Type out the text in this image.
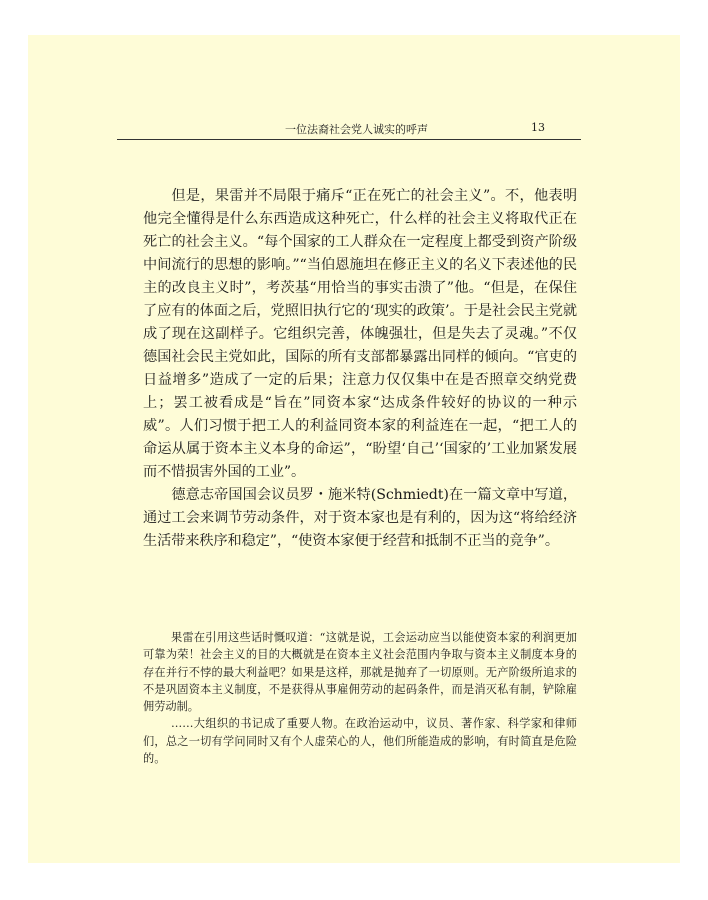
一位法裔社会党人诚实的呼声	13

但是，果雷并不局限于痛斥“正在死亡的社会主义”。不，他表明他完全懂得是什么东西造成这种死亡，什么样的社会主义将取代正在死亡的社会主义。“每个国家的工人群众在一定程度上都受到资产阶级中间流行的思想的影响。”“当伯恩施坦在修正主义的名义下表述他的民主的改良主义时”，考茨基“用恰当的事实击溃了”他。“但是，在保住了应有的体面之后，党照旧执行它的‘现实的政策’。于是社会民主党就成了现在这副样子。它组织完善，体魄强壮，但是失去了灵魂。”不仅德国社会民主党如此，国际的所有支部都暴露出同样的倾向。“官吏的日益增多”造成了一定的后果；注意力仅仅集中在是否照章交纳党费上；罢工被看成是“旨在”同资本家“达成条件较好的协议的一种示威”。人们习惯于把工人的利益同资本家的利益连在一起，“把工人的命运从属于资本主义本身的命运”，“盼望‘自己’‘国家的’工业加紧发展而不惜损害外国的工业”。

德意志帝国国会议员罗・施米特(Schmiedt)在一篇文章中写道，通过工会来调节劳动条件，对于资本家也是有利的，因为这“将给经济生活带来秩序和稳定”，“使资本家便于经营和抵制不正当的竞争”。

果雷在引用这些话时慨叹道：“这就是说，工会运动应当以能使资本家的利润更加可靠为荣！社会主义的目的大概就是在资本主义社会范围内争取与资本主义制度本身的存在并行不悖的最大利益吧？如果是这样，那就是抛弃了一切原则。无产阶级所追求的不是巩固资本主义制度，不是获得从事雇佣劳动的起码条件，而是消灭私有制，铲除雇佣劳动制。

……大组织的书记成了重要人物。在政治运动中，议员、著作家、科学家和律师们，总之一切有学问同时又有个人虚荣心的人，他们所能造成的影响，有时简直是危险的。
